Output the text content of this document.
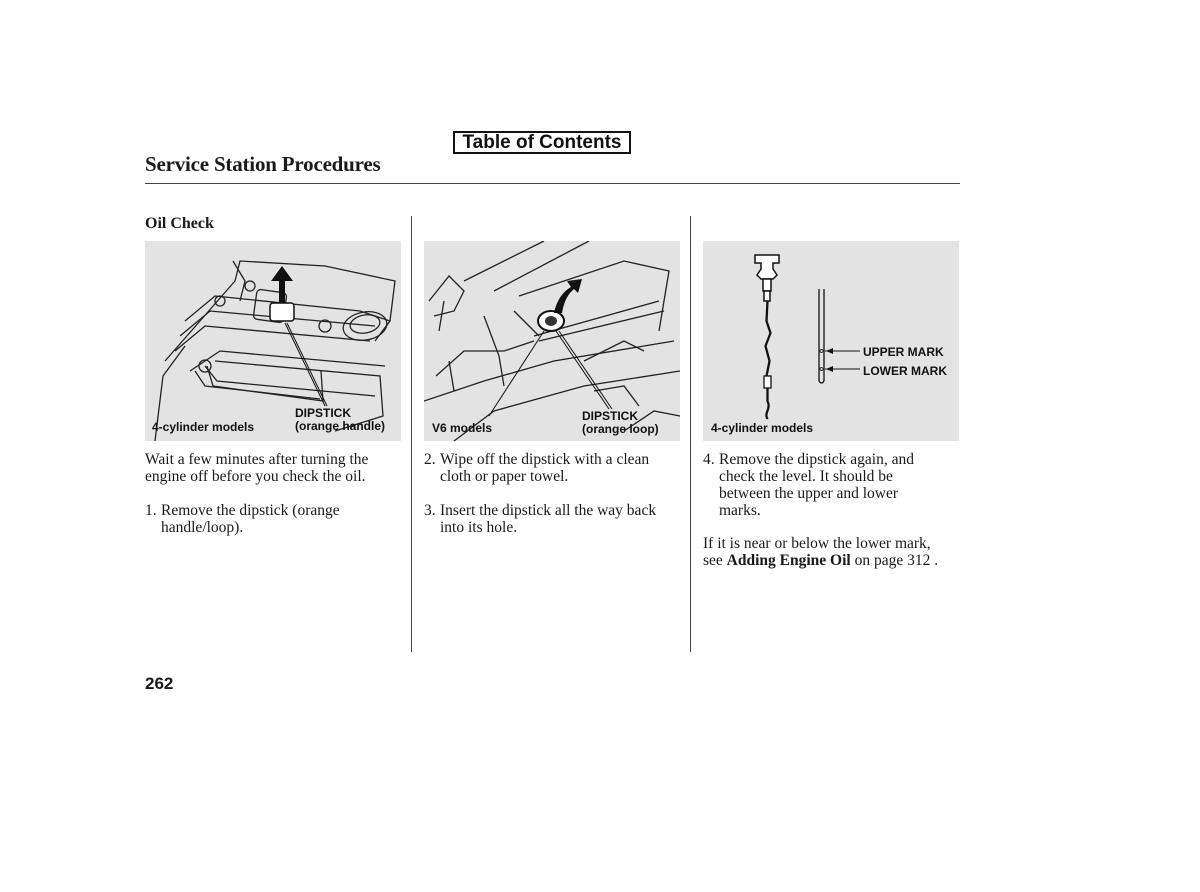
Table of Contents
Service Station Procedures
Oil Check
4-cylinder models
DIPSTICK
(orange handle)	V6 models
DIPSTICK
(orange loop)
UPPER MARK
LOWER MARK
4-cylinder models
Wait a few minutes after turning the
engine off before you check the oil.
1. Remove the dipstick (orange
handle/loop).
2. Wipe off the dipstick with a clean
cloth or paper towel.
3. Insert the dipstick all the way back
into its hole.
4. Remove the dipstick again, and
check the level. It should be
between the upper and lower
marks.
If it is near or below the lower mark,
see Adding Engine Oil on page 312 .
262
